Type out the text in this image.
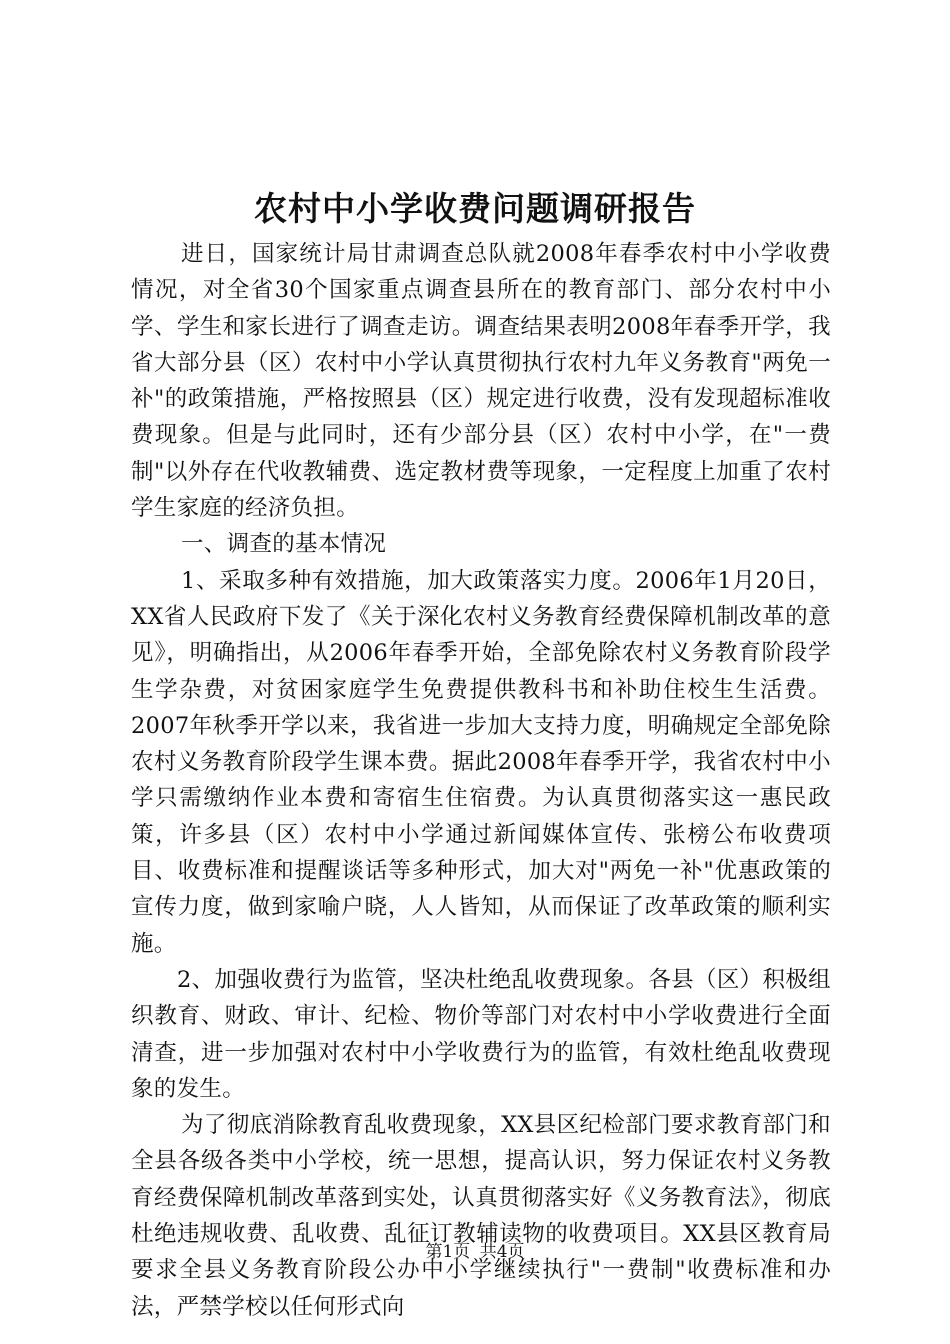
农村中小学收费问题调研报告

进日，国家统计局甘肃调查总队就2008年春季农村中小学收费情况，对全省30个国家重点调查县所在的教育部门、部分农村中小学、学生和家长进行了调查走访。调查结果表明2008年春季开学，我省大部分县（区）农村中小学认真贯彻执行农村九年义务教育"两免一补"的政策措施，严格按照县（区）规定进行收费，没有发现超标准收费现象。但是与此同时，还有少部分县（区）农村中小学，在"一费制"以外存在代收教辅费、选定教材费等现象，一定程度上加重了农村学生家庭的经济负担。

一、调查的基本情况

1、采取多种有效措施，加大政策落实力度。2006年1月20日，XX省人民政府下发了《关于深化农村义务教育经费保障机制改革的意见》，明确指出，从2006年春季开始，全部免除农村义务教育阶段学生学杂费，对贫困家庭学生免费提供教科书和补助住校生生活费。2007年秋季开学以来，我省进一步加大支持力度，明确规定全部免除农村义务教育阶段学生课本费。据此2008年春季开学，我省农村中小学只需缴纳作业本费和寄宿生住宿费。为认真贯彻落实这一惠民政策，许多县（区）农村中小学通过新闻媒体宣传、张榜公布收费项目、收费标准和提醒谈话等多种形式，加大对"两免一补"优惠政策的宣传力度，做到家喻户晓，人人皆知，从而保证了改革政策的顺利实施。

2、加强收费行为监管，坚决杜绝乱收费现象。各县（区）积极组织教育、财政、审计、纪检、物价等部门对农村中小学收费进行全面清查，进一步加强对农村中小学收费行为的监管，有效杜绝乱收费现象的发生。

为了彻底消除教育乱收费现象，XX县区纪检部门要求教育部门和全县各级各类中小学校，统一思想，提高认识，努力保证农村义务教育经费保障机制改革落到实处，认真贯彻落实好《义务教育法》，彻底杜绝违规收费、乱收费、乱征订教辅读物的收费项目。XX县区教育局要求全县义务教育阶段公办中小学继续执行"一费制"收费标准和办法，严禁学校以任何形式向

第1页 共4页
